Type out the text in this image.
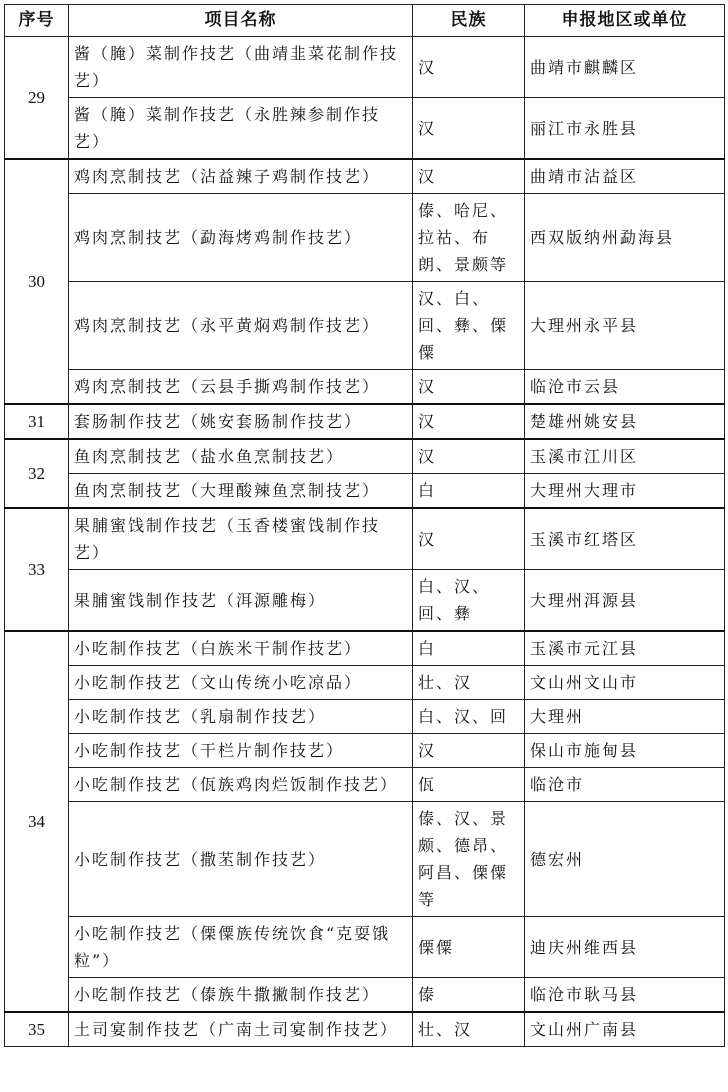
序号	项目名称	民族	申报地区或单位
29	酱（腌）菜制作技艺（曲靖韭菜花制作技艺）	汉	曲靖市麒麟区
	酱（腌）菜制作技艺（永胜辣参制作技艺）	汉	丽江市永胜县
30	鸡肉烹制技艺（沾益辣子鸡制作技艺）	汉	曲靖市沾益区
	鸡肉烹制技艺（勐海烤鸡制作技艺）	傣、哈尼、拉祜、布朗、景颇等	西双版纳州勐海县
	鸡肉烹制技艺（永平黄焖鸡制作技艺）	汉、白、回、彝、傈僳	大理州永平县
	鸡肉烹制技艺（云县手撕鸡制作技艺）	汉	临沧市云县
31	套肠制作技艺（姚安套肠制作技艺）	汉	楚雄州姚安县
32	鱼肉烹制技艺（盐水鱼烹制技艺）	汉	玉溪市江川区
	鱼肉烹制技艺（大理酸辣鱼烹制技艺）	白	大理州大理市
33	果脯蜜饯制作技艺（玉香楼蜜饯制作技艺）	汉	玉溪市红塔区
	果脯蜜饯制作技艺（洱源雕梅）	白、汉、回、彝	大理州洱源县
34	小吃制作技艺（白族米干制作技艺）	白	玉溪市元江县
	小吃制作技艺（文山传统小吃凉品）	壮、汉	文山州文山市
	小吃制作技艺（乳扇制作技艺）	白、汉、回	大理州
	小吃制作技艺（干栏片制作技艺）	汉	保山市施甸县
	小吃制作技艺（佤族鸡肉烂饭制作技艺）	佤	临沧市
	小吃制作技艺（撒苤制作技艺）	傣、汉、景颇、德昂、阿昌、傈僳等	德宏州
	小吃制作技艺（傈僳族传统饮食“克耍饿粒”）	傈僳	迪庆州维西县
	小吃制作技艺（傣族牛撒撇制作技艺）	傣	临沧市耿马县
35	土司宴制作技艺（广南土司宴制作技艺）	壮、汉	文山州广南县
